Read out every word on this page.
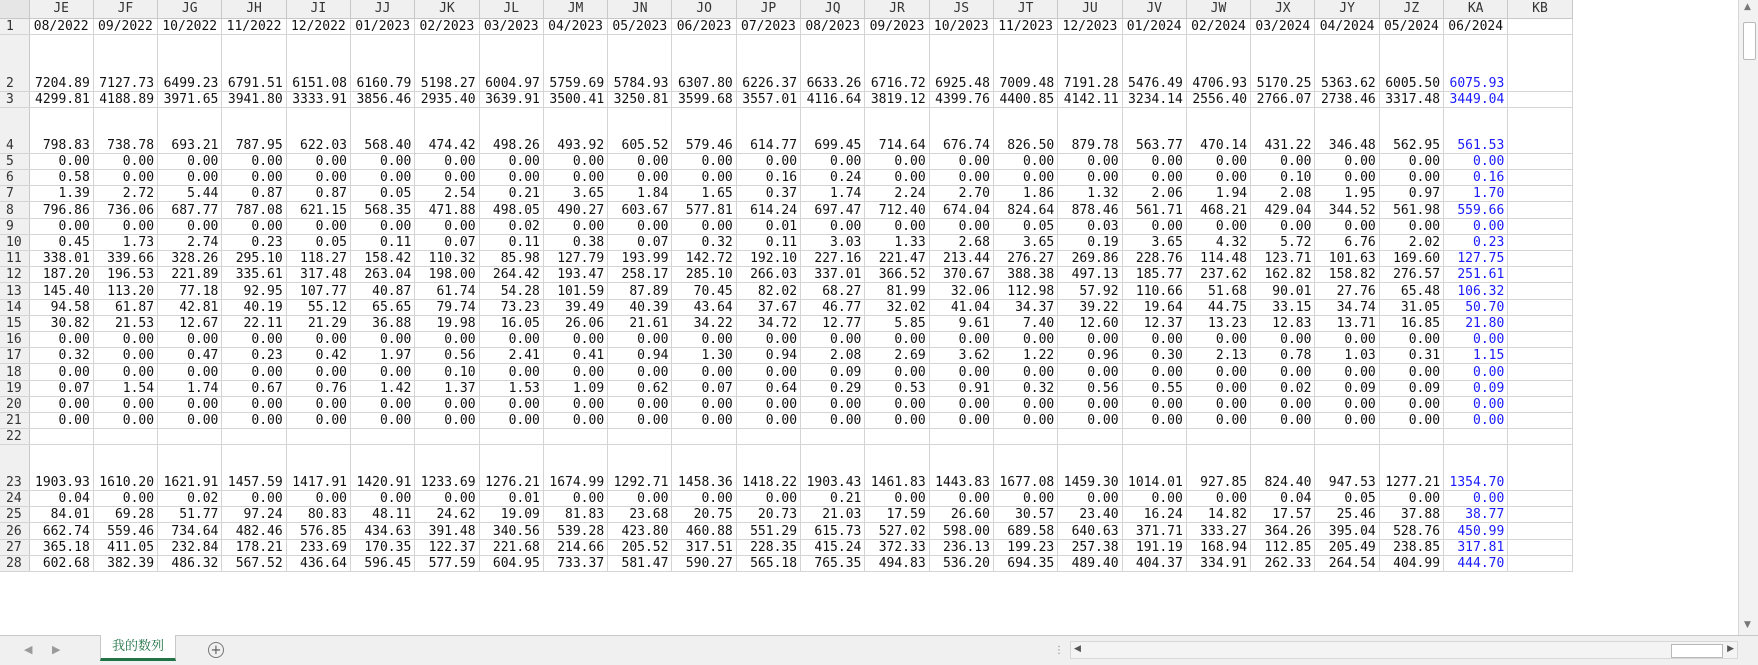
	JE	JF	JG	JH	JI	JJ	JK	JL	JM	JN	JO	JP	JQ	JR	JS	JT	JU	JV	JW	JX	JY	JZ	KA	KB
1	08/2022	09/2022	10/2022	11/2022	12/2022	01/2023	02/2023	03/2023	04/2023	05/2023	06/2023	07/2023	08/2023	09/2023	10/2023	11/2023	12/2023	01/2024	02/2024	03/2024	04/2024	05/2024	06/2024	
2	7204.89	7127.73	6499.23	6791.51	6151.08	6160.79	5198.27	6004.97	5759.69	5784.93	6307.80	6226.37	6633.26	6716.72	6925.48	7009.48	7191.28	5476.49	4706.93	5170.25	5363.62	6005.50	6075.93	
3	4299.81	4188.89	3971.65	3941.80	3333.91	3856.46	2935.40	3639.91	3500.41	3250.81	3599.68	3557.01	4116.64	3819.12	4399.76	4400.85	4142.11	3234.14	2556.40	2766.07	2738.46	3317.48	3449.04	
4	798.83	738.78	693.21	787.95	622.03	568.40	474.42	498.26	493.92	605.52	579.46	614.77	699.45	714.64	676.74	826.50	879.78	563.77	470.14	431.22	346.48	562.95	561.53	
5	0.00	0.00	0.00	0.00	0.00	0.00	0.00	0.00	0.00	0.00	0.00	0.00	0.00	0.00	0.00	0.00	0.00	0.00	0.00	0.00	0.00	0.00	0.00	
6	0.58	0.00	0.00	0.00	0.00	0.00	0.00	0.00	0.00	0.00	0.00	0.16	0.24	0.00	0.00	0.00	0.00	0.00	0.00	0.10	0.00	0.00	0.16	
7	1.39	2.72	5.44	0.87	0.87	0.05	2.54	0.21	3.65	1.84	1.65	0.37	1.74	2.24	2.70	1.86	1.32	2.06	1.94	2.08	1.95	0.97	1.70	
8	796.86	736.06	687.77	787.08	621.15	568.35	471.88	498.05	490.27	603.67	577.81	614.24	697.47	712.40	674.04	824.64	878.46	561.71	468.21	429.04	344.52	561.98	559.66	
9	0.00	0.00	0.00	0.00	0.00	0.00	0.00	0.02	0.00	0.00	0.00	0.01	0.00	0.00	0.00	0.05	0.03	0.00	0.00	0.00	0.00	0.00	0.00	
10	0.45	1.73	2.74	0.23	0.05	0.11	0.07	0.11	0.38	0.07	0.32	0.11	3.03	1.33	2.68	3.65	0.19	3.65	4.32	5.72	6.76	2.02	0.23	
11	338.01	339.66	328.26	295.10	118.27	158.42	110.32	85.98	127.79	193.99	142.72	192.10	227.16	221.47	213.44	276.27	269.86	228.76	114.48	123.71	101.63	169.60	127.75	
12	187.20	196.53	221.89	335.61	317.48	263.04	198.00	264.42	193.47	258.17	285.10	266.03	337.01	366.52	370.67	388.38	497.13	185.77	237.62	162.82	158.82	276.57	251.61	
13	145.40	113.20	77.18	92.95	107.77	40.87	61.74	54.28	101.59	87.89	70.45	82.02	68.27	81.99	32.06	112.98	57.92	110.66	51.68	90.01	27.76	65.48	106.32	
14	94.58	61.87	42.81	40.19	55.12	65.65	79.74	73.23	39.49	40.39	43.64	37.67	46.77	32.02	41.04	34.37	39.22	19.64	44.75	33.15	34.74	31.05	50.70	
15	30.82	21.53	12.67	22.11	21.29	36.88	19.98	16.05	26.06	21.61	34.22	34.72	12.77	5.85	9.61	7.40	12.60	12.37	13.23	12.83	13.71	16.85	21.80	
16	0.00	0.00	0.00	0.00	0.00	0.00	0.00	0.00	0.00	0.00	0.00	0.00	0.00	0.00	0.00	0.00	0.00	0.00	0.00	0.00	0.00	0.00	0.00	
17	0.32	0.00	0.47	0.23	0.42	1.97	0.56	2.41	0.41	0.94	1.30	0.94	2.08	2.69	3.62	1.22	0.96	0.30	2.13	0.78	1.03	0.31	1.15	
18	0.00	0.00	0.00	0.00	0.00	0.00	0.10	0.00	0.00	0.00	0.00	0.00	0.09	0.00	0.00	0.00	0.00	0.00	0.00	0.00	0.00	0.00	0.00	
19	0.07	1.54	1.74	0.67	0.76	1.42	1.37	1.53	1.09	0.62	0.07	0.64	0.29	0.53	0.91	0.32	0.56	0.55	0.00	0.02	0.09	0.09	0.09	
20	0.00	0.00	0.00	0.00	0.00	0.00	0.00	0.00	0.00	0.00	0.00	0.00	0.00	0.00	0.00	0.00	0.00	0.00	0.00	0.00	0.00	0.00	0.00	
21	0.00	0.00	0.00	0.00	0.00	0.00	0.00	0.00	0.00	0.00	0.00	0.00	0.00	0.00	0.00	0.00	0.00	0.00	0.00	0.00	0.00	0.00	0.00	
22																								
23	1903.93	1610.20	1621.91	1457.59	1417.91	1420.91	1233.69	1276.21	1674.99	1292.71	1458.36	1418.22	1903.43	1461.83	1443.83	1677.08	1459.30	1014.01	927.85	824.40	947.53	1277.21	1354.70	
24	0.04	0.00	0.02	0.00	0.00	0.00	0.00	0.01	0.00	0.00	0.00	0.00	0.21	0.00	0.00	0.00	0.00	0.00	0.00	0.04	0.05	0.00	0.00	
25	84.01	69.28	51.77	97.24	80.83	48.11	24.62	19.09	81.83	23.68	20.75	20.73	21.03	17.59	26.60	30.57	23.40	16.24	14.82	17.57	25.46	37.88	38.77	
26	662.74	559.46	734.64	482.46	576.85	434.63	391.48	340.56	539.28	423.80	460.88	551.29	615.73	527.02	598.00	689.58	640.63	371.71	333.27	364.26	395.04	528.76	450.99	
27	365.18	411.05	232.84	178.21	233.69	170.35	122.37	221.68	214.66	205.52	317.51	228.35	415.24	372.33	236.13	199.23	257.38	191.19	168.94	112.85	205.49	238.85	317.81	
28	602.68	382.39	486.32	567.52	436.64	596.45	577.59	604.95	733.37	581.47	590.27	565.18	765.35	494.83	536.20	694.35	489.40	404.37	334.91	262.33	264.54	404.99	444.70	
▲
▼
◀ ▶	我的数列	+	⋮ ◀	▶
